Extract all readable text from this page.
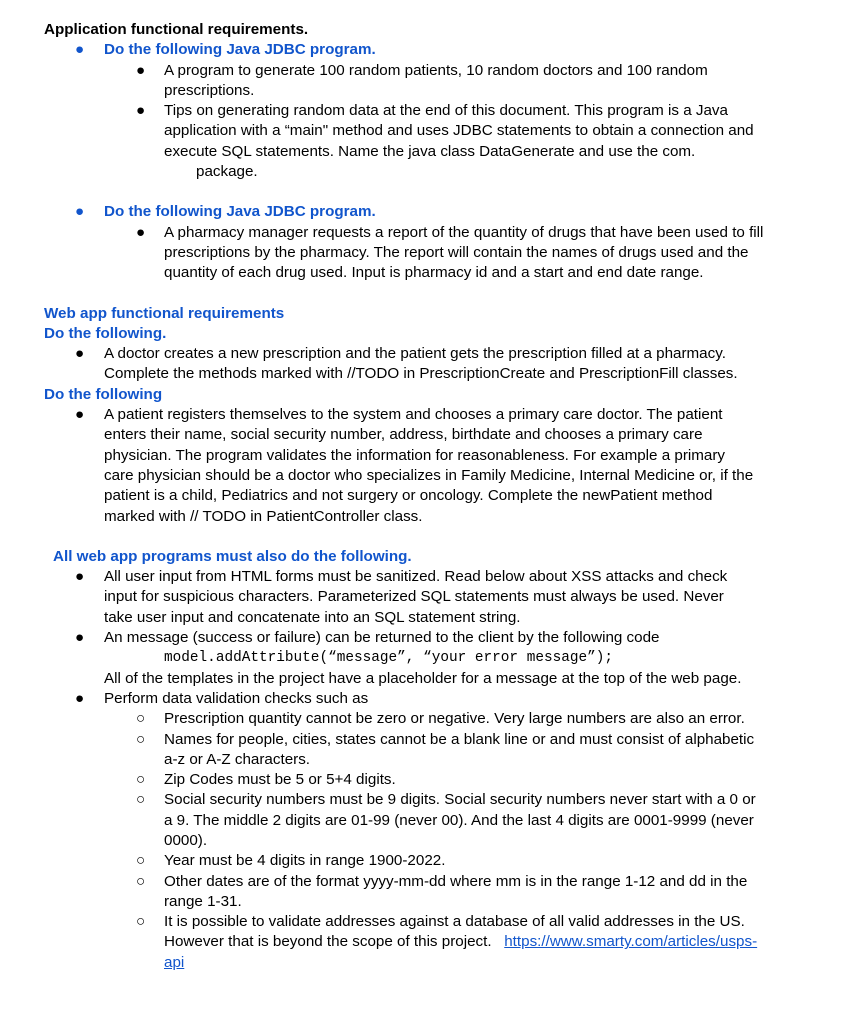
Application functional requirements.
● Do the following Java JDBC program.
● A program to generate 100 random patients, 10 random doctors and 100 random
prescriptions.
● Tips on generating random data at the end of this document. This program is a Java
application with a “main" method and uses JDBC statements to obtain a connection and
execute SQL statements. Name the java class DataGenerate and use the com.
package.
● Do the following Java JDBC program.
● A pharmacy manager requests a report of the quantity of drugs that have been used to fill
prescriptions by the pharmacy. The report will contain the names of drugs used and the
quantity of each drug used. Input is pharmacy id and a start and end date range.
Web app functional requirements
Do the following.
● A doctor creates a new prescription and the patient gets the prescription filled at a pharmacy.
Complete the methods marked with //TODO in PrescriptionCreate and PrescriptionFill classes.
Do the following
● A patient registers themselves to the system and chooses a primary care doctor. The patient
enters their name, social security number, address, birthdate and chooses a primary care
physician. The program validates the information for reasonableness. For example a primary
care physician should be a doctor who specializes in Family Medicine, Internal Medicine or, if the
patient is a child, Pediatrics and not surgery or oncology. Complete the newPatient method
marked with // TODO in PatientController class.
All web app programs must also do the following.
● All user input from HTML forms must be sanitized. Read below about XSS attacks and check
input for suspicious characters. Parameterized SQL statements must always be used. Never
take user input and concatenate into an SQL statement string.
● An message (success or failure) can be returned to the client by the following code
model.addAttribute(“message”, “your error message”);
All of the templates in the project have a placeholder for a message at the top of the web page.
● Perform data validation checks such as
○ Prescription quantity cannot be zero or negative. Very large numbers are also an error.
○ Names for people, cities, states cannot be a blank line or and must consist of alphabetic
a-z or A-Z characters.
○ Zip Codes must be 5 or 5+4 digits.
○ Social security numbers must be 9 digits. Social security numbers never start with a 0 or
a 9. The middle 2 digits are 01-99 (never 00). And the last 4 digits are 0001-9999 (never
0000).
○ Year must be 4 digits in range 1900-2022.
○ Other dates are of the format yyyy-mm-dd where mm is in the range 1-12 and dd in the
range 1-31.
○ It is possible to validate addresses against a database of all valid addresses in the US.
However that is beyond the scope of this project. https://www.smarty.com/articles/usps-
api
